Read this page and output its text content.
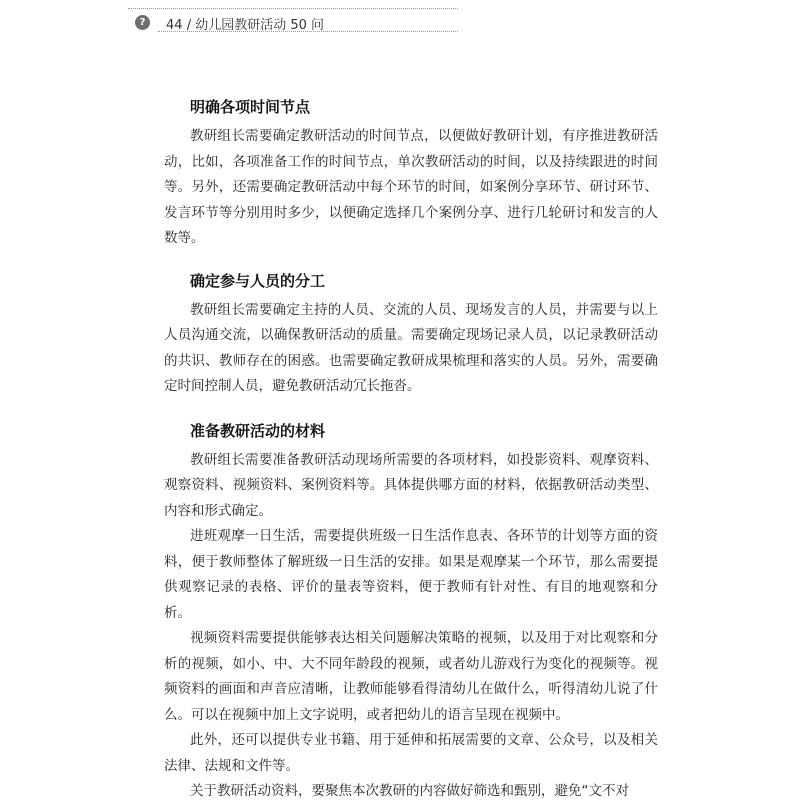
?	44 / 幼儿园教研活动 50 问
明确各项时间节点

教研组长需要确定教研活动的时间节点，以便做好教研计划，有序推进教研活动，比如，各项准备工作的时间节点，单次教研活动的时间，以及持续跟进的时间等。另外，还需要确定教研活动中每个环节的时间，如案例分享环节、研讨环节、发言环节等分别用时多少，以便确定选择几个案例分享、进行几轮研讨和发言的人数等。

确定参与人员的分工

教研组长需要确定主持的人员、交流的人员、现场发言的人员，并需要与以上人员沟通交流，以确保教研活动的质量。需要确定现场记录人员，以记录教研活动的共识、教师存在的困惑。也需要确定教研成果梳理和落实的人员。另外，需要确定时间控制人员，避免教研活动冗长拖沓。

准备教研活动的材料

教研组长需要准备教研活动现场所需要的各项材料，如投影资料、观摩资料、观察资料、视频资料、案例资料等。具体提供哪方面的材料，依据教研活动类型、内容和形式确定。

进班观摩一日生活，需要提供班级一日生活作息表、各环节的计划等方面的资料，便于教师整体了解班级一日生活的安排。如果是观摩某一个环节，那么需要提供观察记录的表格、评价的量表等资料，便于教师有针对性、有目的地观察和分析。

视频资料需要提供能够表达相关问题解决策略的视频，以及用于对比观察和分析的视频，如小、中、大不同年龄段的视频，或者幼儿游戏行为变化的视频等。视频资料的画面和声音应清晰，让教师能够看得清幼儿在做什么，听得清幼儿说了什么。可以在视频中加上文字说明，或者把幼儿的语言呈现在视频中。

此外，还可以提供专业书籍、用于延伸和拓展需要的文章、公众号，以及相关法律、法规和文件等。

关于教研活动资料，要聚焦本次教研的内容做好筛选和甄别，避免“文不对
